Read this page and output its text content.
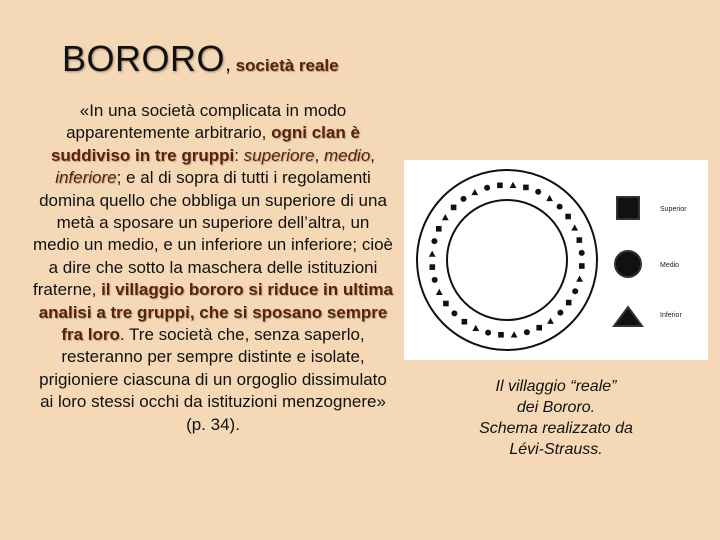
BORORO, società reale
«In una società complicata in modo apparentemente arbitrario, ogni clan è suddiviso in tre gruppi: superiore, medio, inferiore; e al di sopra di tutti i regolamenti domina quello che obbliga un superiore di una metà a sposare un superiore dell’altra, un medio un medio, e un inferiore un inferiore; cioè a dire che sotto la maschera delle istituzioni fraterne, il villaggio bororo si riduce in ultima analisi a tre gruppi, che si sposano sempre fra loro. Tre società che, senza saperlo, resteranno per sempre distinte e isolate, prigioniere ciascuna di un orgoglio dissimulato ai loro stessi occhi da istituzioni menzognere» (p. 34).
Superior
Medio
Inferior
Il villaggio “reale”
dei Bororo.
Schema realizzato da
Lévi-Strauss.
